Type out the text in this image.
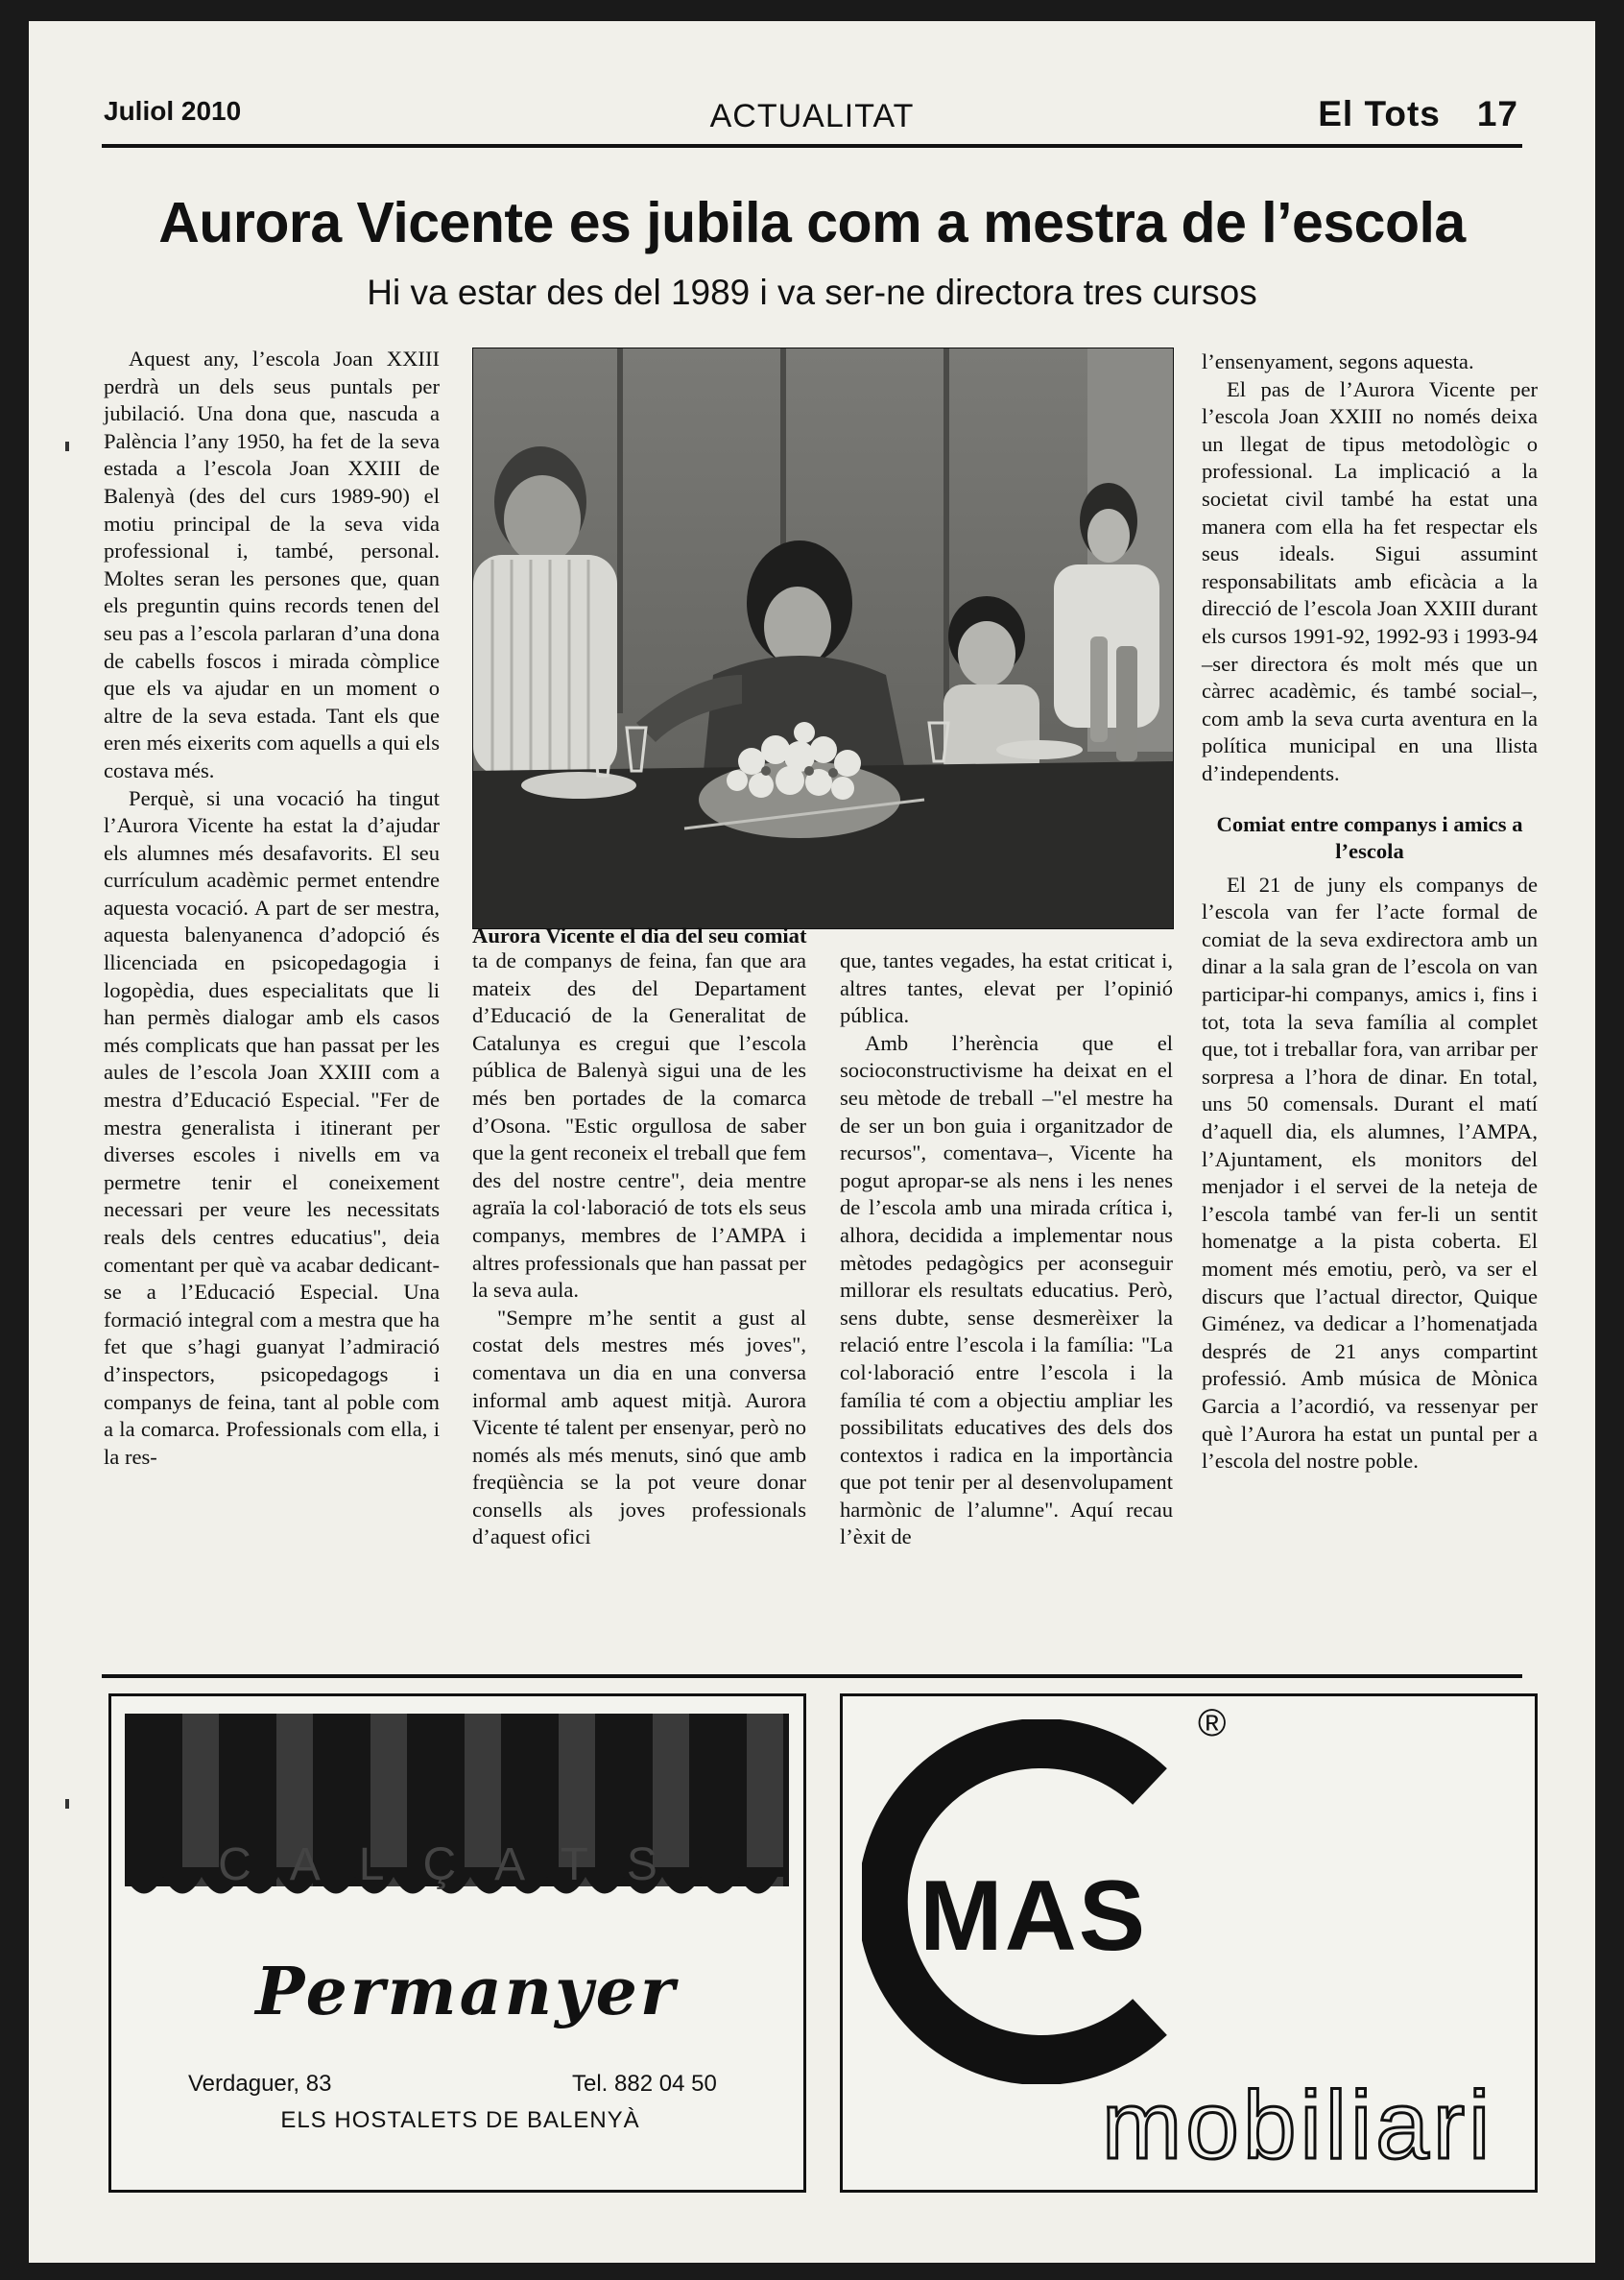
Juliol 2010	ACTUALITAT	El Tots 17
Aurora Vicente es jubila com a mestra de l’escola
Hi va estar des del 1989 i va ser-ne directora tres cursos

Aquest any, l’escola Joan XXIII perdrà un dels seus puntals per jubilació. Una dona que, nascuda a Palència l’any 1950, ha fet de la seva estada a l’escola Joan XXIII de Balenyà (des del curs 1989-90) el motiu principal de la seva vida professional i, també, personal. Moltes seran les persones que, quan els preguntin quins records tenen del seu pas a l’escola parlaran d’una dona de cabells foscos i mirada còmplice que els va ajudar en un moment o altre de la seva estada. Tant els que eren més eixerits com aquells a qui els costava més.

Perquè, si una vocació ha tingut l’Aurora Vicente ha estat la d’ajudar els alumnes més desafavorits. El seu currículum acadèmic permet entendre aquesta vocació. A part de ser mestra, aquesta balenyanenca d’adopció és llicenciada en psicopedagogia i logopèdia, dues especialitats que li han permès dialogar amb els casos més complicats que han passat per les aules de l’escola Joan XXIII com a mestra d’Educació Especial. "Fer de mestra generalista i itinerant per diverses escoles i nivells em va permetre tenir el coneixement necessari per veure les necessitats reals dels centres educatius", deia comentant per què va acabar dedicant-se a l’Educació Especial. Una formació integral com a mestra que ha fet que s’hagi guanyat l’admiració d’inspectors, psicopedagogs i companys de feina, tant al poble com a la comarca. Professionals com ella, i la res-

Aurora Vicente el dia del seu comiat

ta de companys de feina, fan que ara mateix des del Departament d’Educació de la Generalitat de Catalunya es cregui que l’escola pública de Balenyà sigui una de les més ben portades de la comarca d’Osona. "Estic orgullosa de saber que la gent reconeix el treball que fem des del nostre centre", deia mentre agraïa la col·laboració de tots els seus companys, membres de l’AMPA i altres professionals que han passat per la seva aula.

"Sempre m’he sentit a gust al costat dels mestres més joves", comentava un dia en una conversa informal amb aquest mitjà. Aurora Vicente té talent per ensenyar, però no només als més menuts, sinó que amb freqüència se la pot veure donar consells als joves professionals d’aquest ofici

que, tantes vegades, ha estat criticat i, altres tantes, elevat per l’opinió pública.

Amb l’herència que el socioconstructivisme ha deixat en el seu mètode de treball –"el mestre ha de ser un bon guia i organitzador de recursos", comentava–, Vicente ha pogut apropar-se als nens i les nenes de l’escola amb una mirada crítica i, alhora, decidida a implementar nous mètodes pedagògics per aconseguir millorar els resultats educatius. Però, sens dubte, sense desmerèixer la relació entre l’escola i la família: "La col·laboració entre l’escola i la família té com a objectiu ampliar les possibilitats educatives des dels dos contextos i radica en la importància que pot tenir per al desenvolupament harmònic de l’alumne". Aquí recau l’èxit de

l’ensenyament, segons aquesta.

El pas de l’Aurora Vicente per l’escola Joan XXIII no només deixa un llegat de tipus metodològic o professional. La implicació a la societat civil també ha estat una manera com ella ha fet respectar els seus ideals. Sigui assumint responsabilitats amb eficàcia a la direcció de l’escola Joan XXIII durant els cursos 1991-92, 1992-93 i 1993-94 –ser directora és molt més que un càrrec acadèmic, és també social–, com amb la seva curta aventura en la política municipal en una llista d’independents.

Comiat entre companys i amics a l’escola

El 21 de juny els companys de l’escola van fer l’acte formal de comiat de la seva exdirectora amb un dinar a la sala gran de l’escola on van participar-hi companys, amics i, fins i tot, tota la seva família al complet que, tot i treballar fora, van arribar per sorpresa a l’hora de dinar. En total, uns 50 comensals. Durant el matí d’aquell dia, els alumnes, l’AMPA, l’Ajuntament, els monitors del menjador i el servei de la neteja de l’escola també van fer-li un sentit homenatge a la pista coberta. El moment més emotiu, però, va ser el discurs que l’actual director, Quique Giménez, va dedicar a l’homenatjada després de 21 anys compartint professió. Amb música de Mònica Garcia a l’acordió, va ressenyar per què l’Aurora ha estat un puntal per a l’escola del nostre poble.

CALÇATS
Permanyer
Verdaguer, 83	Tel. 882 04 50
ELS HOSTALETS DE BALENYÀ
MAS
®
mobiliari
